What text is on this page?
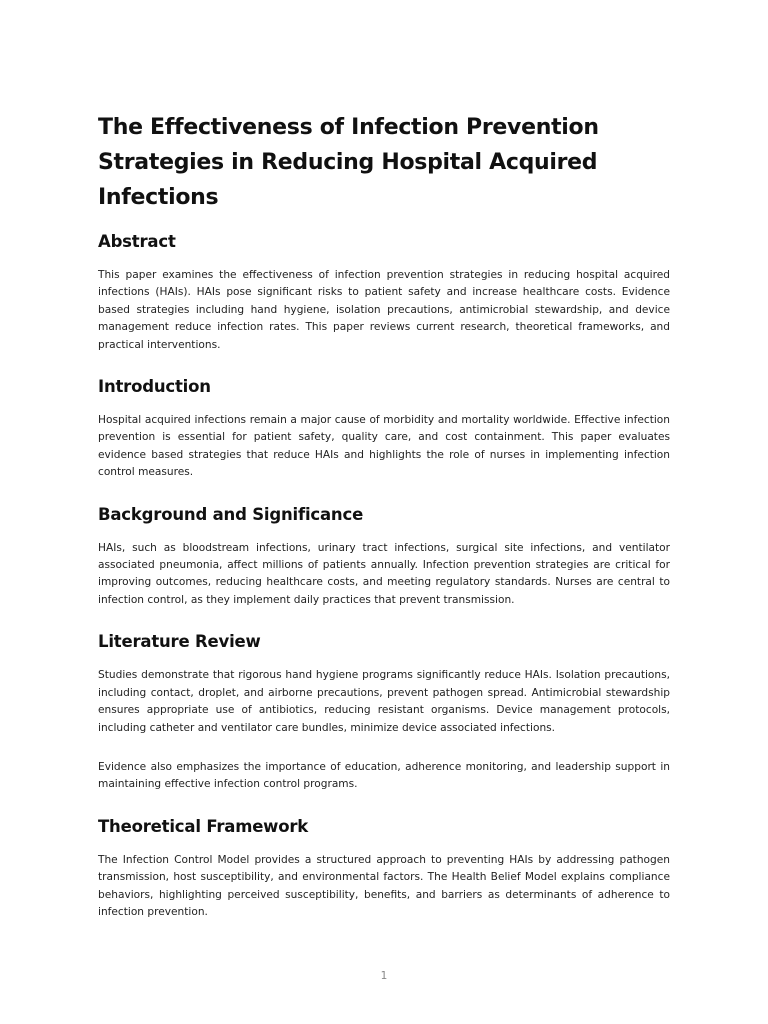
The Effectiveness of Infection Prevention Strategies in Reducing Hospital Acquired Infections
Abstract

This paper examines the effectiveness of infection prevention strategies in reducing hospital acquired infections (HAIs). HAIs pose significant risks to patient safety and increase healthcare costs. Evidence based strategies including hand hygiene, isolation precautions, antimicrobial stewardship, and device management reduce infection rates. This paper reviews current research, theoretical frameworks, and practical interventions.

Introduction

Hospital acquired infections remain a major cause of morbidity and mortality worldwide. Effective infection prevention is essential for patient safety, quality care, and cost containment. This paper evaluates evidence based strategies that reduce HAIs and highlights the role of nurses in implementing infection control measures.

Background and Significance

HAIs, such as bloodstream infections, urinary tract infections, surgical site infections, and ventilator associated pneumonia, affect millions of patients annually. Infection prevention strategies are critical for improving outcomes, reducing healthcare costs, and meeting regulatory standards. Nurses are central to infection control, as they implement daily practices that prevent transmission.

Literature Review

Studies demonstrate that rigorous hand hygiene programs significantly reduce HAIs. Isolation precautions, including contact, droplet, and airborne precautions, prevent pathogen spread. Antimicrobial stewardship ensures appropriate use of antibiotics, reducing resistant organisms. Device management protocols, including catheter and ventilator care bundles, minimize device associated infections.

Evidence also emphasizes the importance of education, adherence monitoring, and leadership support in maintaining effective infection control programs.

Theoretical Framework

The Infection Control Model provides a structured approach to preventing HAIs by addressing pathogen transmission, host susceptibility, and environmental factors. The Health Belief Model explains compliance behaviors, highlighting perceived susceptibility, benefits, and barriers as determinants of adherence to infection prevention.

1
